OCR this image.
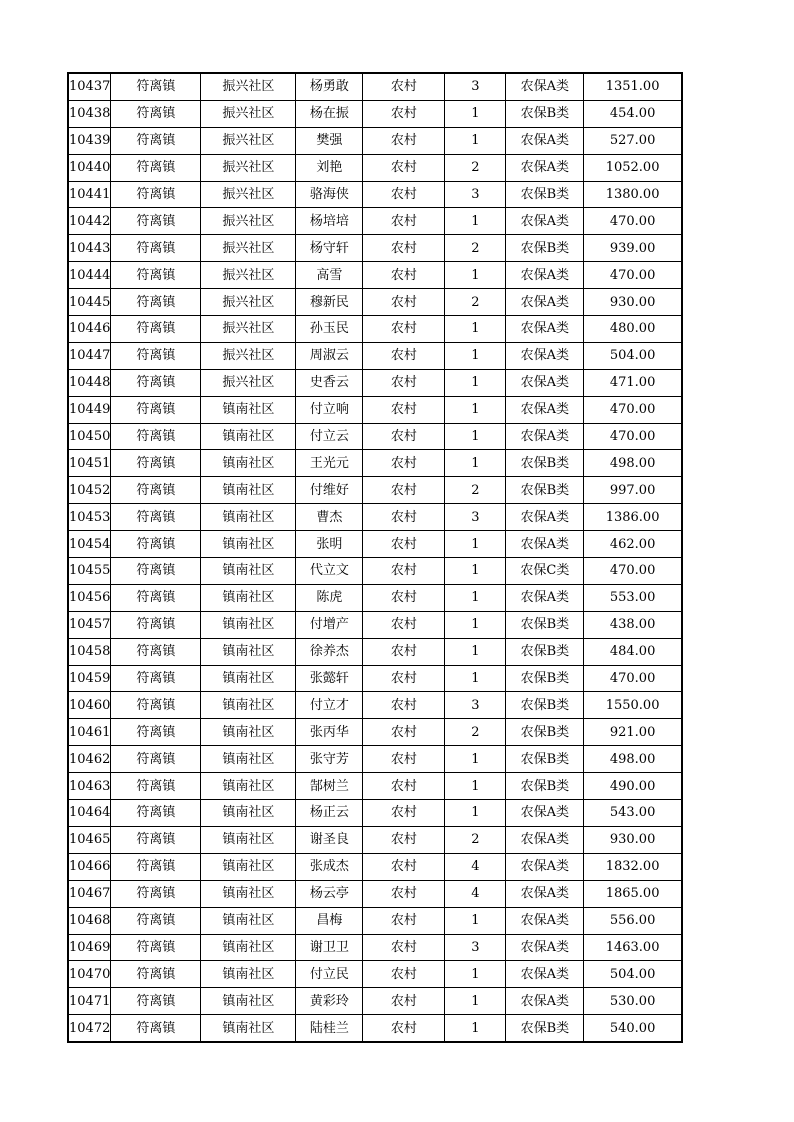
10437	符离镇	振兴社区	杨勇敢	农村	3	农保A类	1351.00
10438	符离镇	振兴社区	杨在振	农村	1	农保B类	454.00
10439	符离镇	振兴社区	樊强	农村	1	农保A类	527.00
10440	符离镇	振兴社区	刘艳	农村	2	农保A类	1052.00
10441	符离镇	振兴社区	骆海侠	农村	3	农保B类	1380.00
10442	符离镇	振兴社区	杨培培	农村	1	农保A类	470.00
10443	符离镇	振兴社区	杨守轩	农村	2	农保B类	939.00
10444	符离镇	振兴社区	高雪	农村	1	农保A类	470.00
10445	符离镇	振兴社区	穆新民	农村	2	农保A类	930.00
10446	符离镇	振兴社区	孙玉民	农村	1	农保A类	480.00
10447	符离镇	振兴社区	周淑云	农村	1	农保A类	504.00
10448	符离镇	振兴社区	史香云	农村	1	农保A类	471.00
10449	符离镇	镇南社区	付立响	农村	1	农保A类	470.00
10450	符离镇	镇南社区	付立云	农村	1	农保A类	470.00
10451	符离镇	镇南社区	王光元	农村	1	农保B类	498.00
10452	符离镇	镇南社区	付维好	农村	2	农保B类	997.00
10453	符离镇	镇南社区	曹杰	农村	3	农保A类	1386.00
10454	符离镇	镇南社区	张明	农村	1	农保A类	462.00
10455	符离镇	镇南社区	代立文	农村	1	农保C类	470.00
10456	符离镇	镇南社区	陈虎	农村	1	农保A类	553.00
10457	符离镇	镇南社区	付增产	农村	1	农保B类	438.00
10458	符离镇	镇南社区	徐养杰	农村	1	农保B类	484.00
10459	符离镇	镇南社区	张懿轩	农村	1	农保B类	470.00
10460	符离镇	镇南社区	付立才	农村	3	农保B类	1550.00
10461	符离镇	镇南社区	张丙华	农村	2	农保B类	921.00
10462	符离镇	镇南社区	张守芳	农村	1	农保B类	498.00
10463	符离镇	镇南社区	郜树兰	农村	1	农保B类	490.00
10464	符离镇	镇南社区	杨正云	农村	1	农保A类	543.00
10465	符离镇	镇南社区	谢圣良	农村	2	农保A类	930.00
10466	符离镇	镇南社区	张成杰	农村	4	农保A类	1832.00
10467	符离镇	镇南社区	杨云亭	农村	4	农保A类	1865.00
10468	符离镇	镇南社区	昌梅	农村	1	农保A类	556.00
10469	符离镇	镇南社区	谢卫卫	农村	3	农保A类	1463.00
10470	符离镇	镇南社区	付立民	农村	1	农保A类	504.00
10471	符离镇	镇南社区	黄彩玲	农村	1	农保A类	530.00
10472	符离镇	镇南社区	陆桂兰	农村	1	农保B类	540.00
